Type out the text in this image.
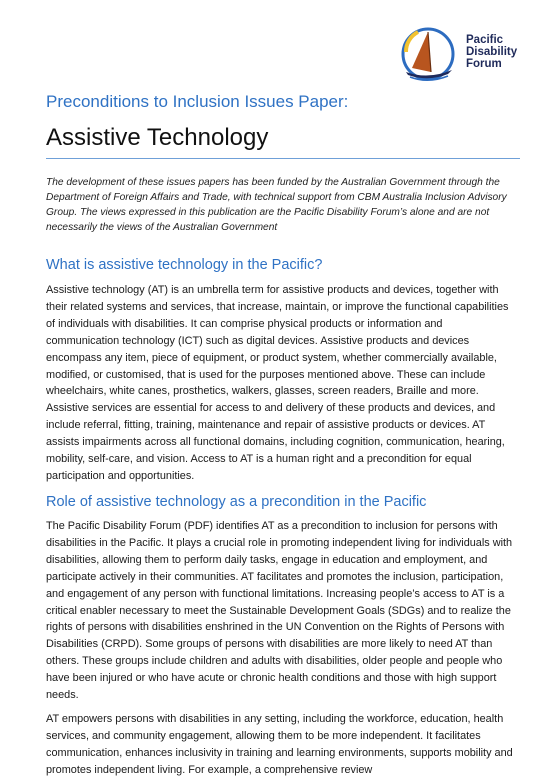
Pacific
Disability
Forum

Preconditions to Inclusion Issues Paper:
Assistive Technology

The development of these issues papers has been funded by the Australian Government through the Department of Foreign Affairs and Trade, with technical support from CBM Australia Inclusion Advisory Group. The views expressed in this publication are the Pacific Disability Forum’s alone and are not necessarily the views of the Australian Government

What is assistive technology in the Pacific?

Assistive technology (AT) is an umbrella term for assistive products and devices, together with their related systems and services, that increase, maintain, or improve the functional capabilities of individuals with disabilities. It can comprise physical products or information and communication technology (ICT) such as digital devices. Assistive products and devices encompass any item, piece of equipment, or product system, whether commercially available, modified, or customised, that is used for the purposes mentioned above. These can include wheelchairs, white canes, prosthetics, walkers, glasses, screen readers, Braille and more. Assistive services are essential for access to and delivery of these products and devices, and include referral, fitting, training, maintenance and repair of assistive products or devices. AT assists impairments across all functional domains, including cognition, communication, hearing, mobility, self-care, and vision. Access to AT is a human right and a precondition for equal participation and opportunities.

Role of assistive technology as a precondition in the Pacific

The Pacific Disability Forum (PDF) identifies AT as a precondition to inclusion for persons with disabilities in the Pacific. It plays a crucial role in promoting independent living for individuals with disabilities, allowing them to perform daily tasks, engage in education and employment, and participate actively in their communities. AT facilitates and promotes the inclusion, participation, and engagement of any person with functional limitations. Increasing people’s access to AT is a critical enabler necessary to meet the Sustainable Development Goals (SDGs) and to realize the rights of persons with disabilities enshrined in the UN Convention on the Rights of Persons with Disabilities (CRPD). Some groups of persons with disabilities are more likely to need AT than others. These groups include children and adults with disabilities, older people and people who have been injured or who have acute or chronic health conditions and those with high support needs.

AT empowers persons with disabilities in any setting, including the workforce, education, health services, and community engagement, allowing them to be more independent. It facilitates communication, enhances inclusivity in training and learning environments, supports mobility and promotes independent living. For example, a comprehensive review
